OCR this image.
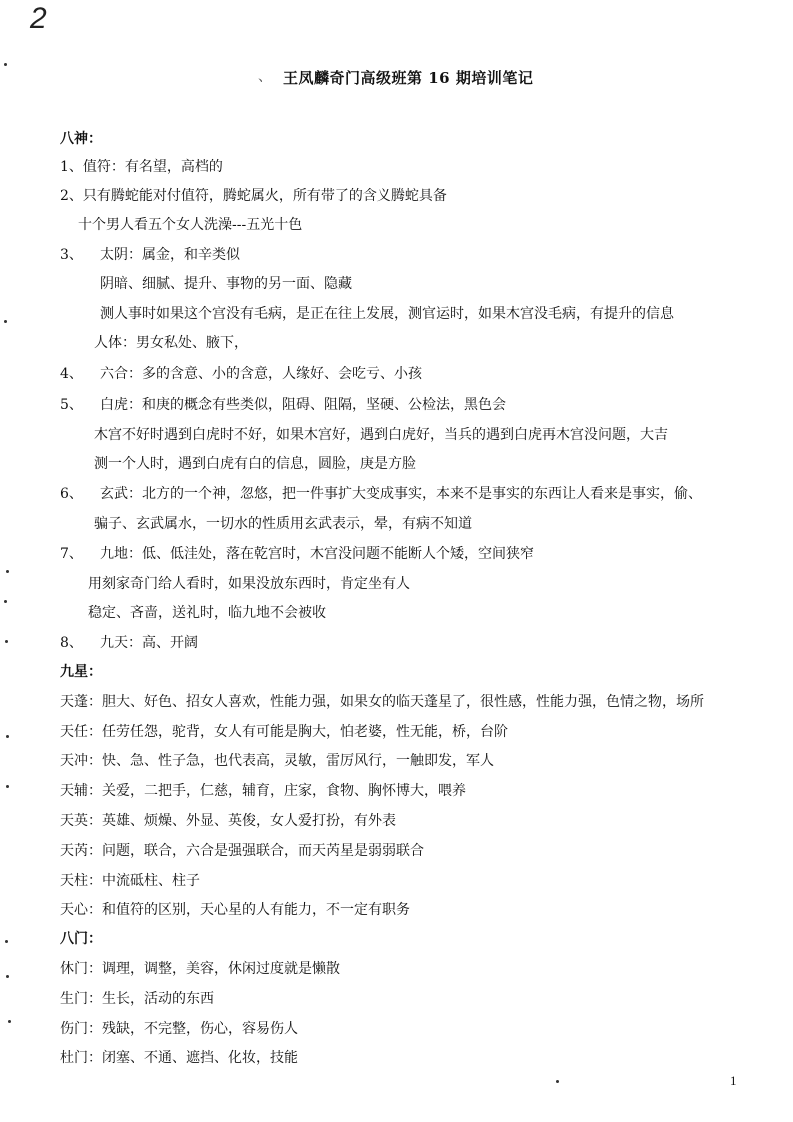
2
、 王凤麟奇门高级班第 16 期培训笔记
八神：
1、值符：有名望，高档的
2、只有腾蛇能对付值符，腾蛇属火，所有带了的含义腾蛇具备
十个男人看五个女人洗澡---五光十色
3、 太阴：属金，和辛类似
阴暗、细腻、提升、事物的另一面、隐藏
测人事时如果这个宫没有毛病，是正在往上发展，测官运时，如果木宫没毛病，有提升的信息
人体：男女私处、腋下，
4、 六合：多的含意、小的含意，人缘好、会吃亏、小孩
5、 白虎：和庚的概念有些类似，阻碍、阻隔，坚硬、公检法，黑色会
木宫不好时遇到白虎时不好，如果木宫好，遇到白虎好，当兵的遇到白虎再木宫没问题，大吉
测一个人时，遇到白虎有白的信息，圆脸，庚是方脸
6、 玄武：北方的一个神，忽悠，把一件事扩大变成事实，本来不是事实的东西让人看来是事实，偷、
骗子、玄武属水，一切水的性质用玄武表示，晕，有病不知道
7、 九地：低、低洼处，落在乾宫时，木宫没问题不能断人个矮，空间狭窄
用刻家奇门给人看时，如果没放东西时，肯定坐有人
稳定、吝啬，送礼时，临九地不会被收
8、 九天：高、开阔
九星：
天蓬：胆大、好色、招女人喜欢，性能力强，如果女的临天蓬星了，很性感，性能力强，色情之物，场所
天任：任劳任怨，驼背，女人有可能是胸大，怕老婆，性无能，桥，台阶
天冲：快、急、性子急，也代表高，灵敏，雷厉风行，一触即发，军人
天辅：关爱，二把手，仁慈，辅育，庄家，食物、胸怀博大，喂养
天英：英雄、烦燥、外显、英俊，女人爱打扮，有外表
天芮：问题，联合，六合是强强联合，而天芮星是弱弱联合
天柱：中流砥柱、柱子
天心：和值符的区别，天心星的人有能力，不一定有职务
八门：
休门：调理，调整，美容，休闲过度就是懒散
生门：生长，活动的东西
伤门：残缺，不完整，伤心，容易伤人
杜门：闭塞、不通、遮挡、化妆，技能
1
